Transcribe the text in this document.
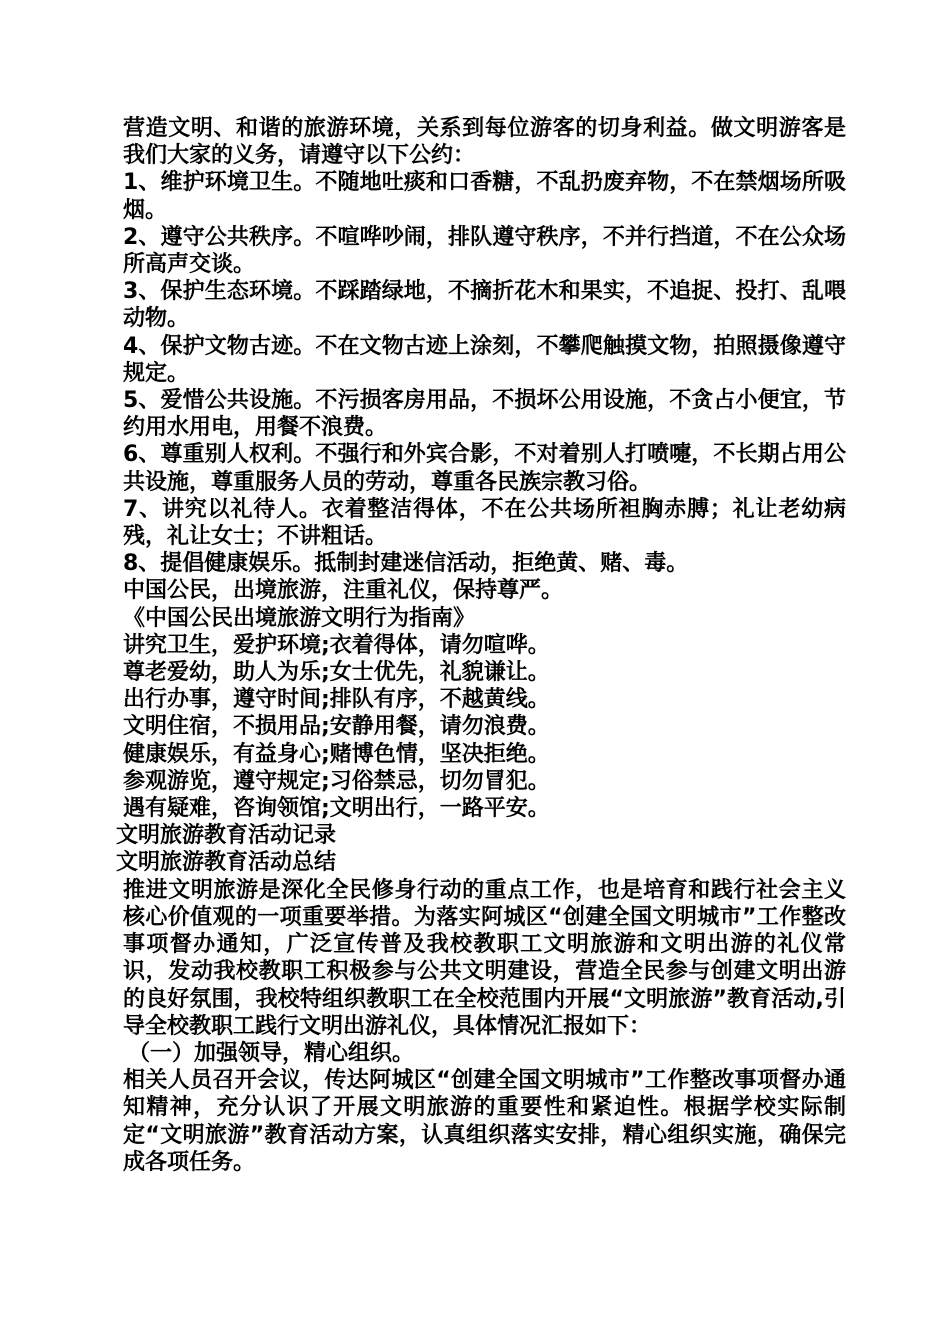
营造文明、和谐的旅游环境，关系到每位游客的切身利益。做文明游客是我们大家的义务，请遵守以下公约：

1、维护环境卫生。不随地吐痰和口香糖，不乱扔废弃物，不在禁烟场所吸烟。

2、遵守公共秩序。不喧哗吵闹，排队遵守秩序，不并行挡道，不在公众场所高声交谈。

3、保护生态环境。不踩踏绿地，不摘折花木和果实，不追捉、投打、乱喂动物。

4、保护文物古迹。不在文物古迹上涂刻，不攀爬触摸文物，拍照摄像遵守规定。

5、爱惜公共设施。不污损客房用品，不损坏公用设施，不贪占小便宜，节约用水用电，用餐不浪费。

6、尊重别人权利。不强行和外宾合影，不对着别人打喷嚏，不长期占用公共设施，尊重服务人员的劳动，尊重各民族宗教习俗。

7、讲究以礼待人。衣着整洁得体，不在公共场所袒胸赤膊；礼让老幼病残，礼让女士；不讲粗话。

8、提倡健康娱乐。抵制封建迷信活动，拒绝黄、赌、毒。

中国公民，出境旅游，注重礼仪，保持尊严。

《中国公民出境旅游文明行为指南》

讲究卫生，爱护环境;衣着得体，请勿喧哗。

尊老爱幼，助人为乐;女士优先，礼貌谦让。

出行办事，遵守时间;排队有序，不越黄线。

文明住宿，不损用品;安静用餐，请勿浪费。

健康娱乐，有益身心;赌博色情，坚决拒绝。

参观游览，遵守规定;习俗禁忌，切勿冒犯。

遇有疑难，咨询领馆;文明出行，一路平安。

文明旅游教育活动记录

文明旅游教育活动总结

推进文明旅游是深化全民修身行动的重点工作，也是培育和践行社会主义核心价值观的一项重要举措。为落实阿城区“创建全国文明城市”工作整改事项督办通知，广泛宣传普及我校教职工文明旅游和文明出游的礼仪常识，发动我校教职工积极参与公共文明建设，营造全民参与创建文明出游的良好氛围，我校特组织教职工在全校范围内开展“文明旅游”教育活动,引导全校教职工践行文明出游礼仪，具体情况汇报如下：

（一）加强领导，精心组织。

相关人员召开会议，传达阿城区“创建全国文明城市”工作整改事项督办通知精神，充分认识了开展文明旅游的重要性和紧迫性。根据学校实际制定“文明旅游”教育活动方案，认真组织落实安排，精心组织实施，确保完成各项任务。
